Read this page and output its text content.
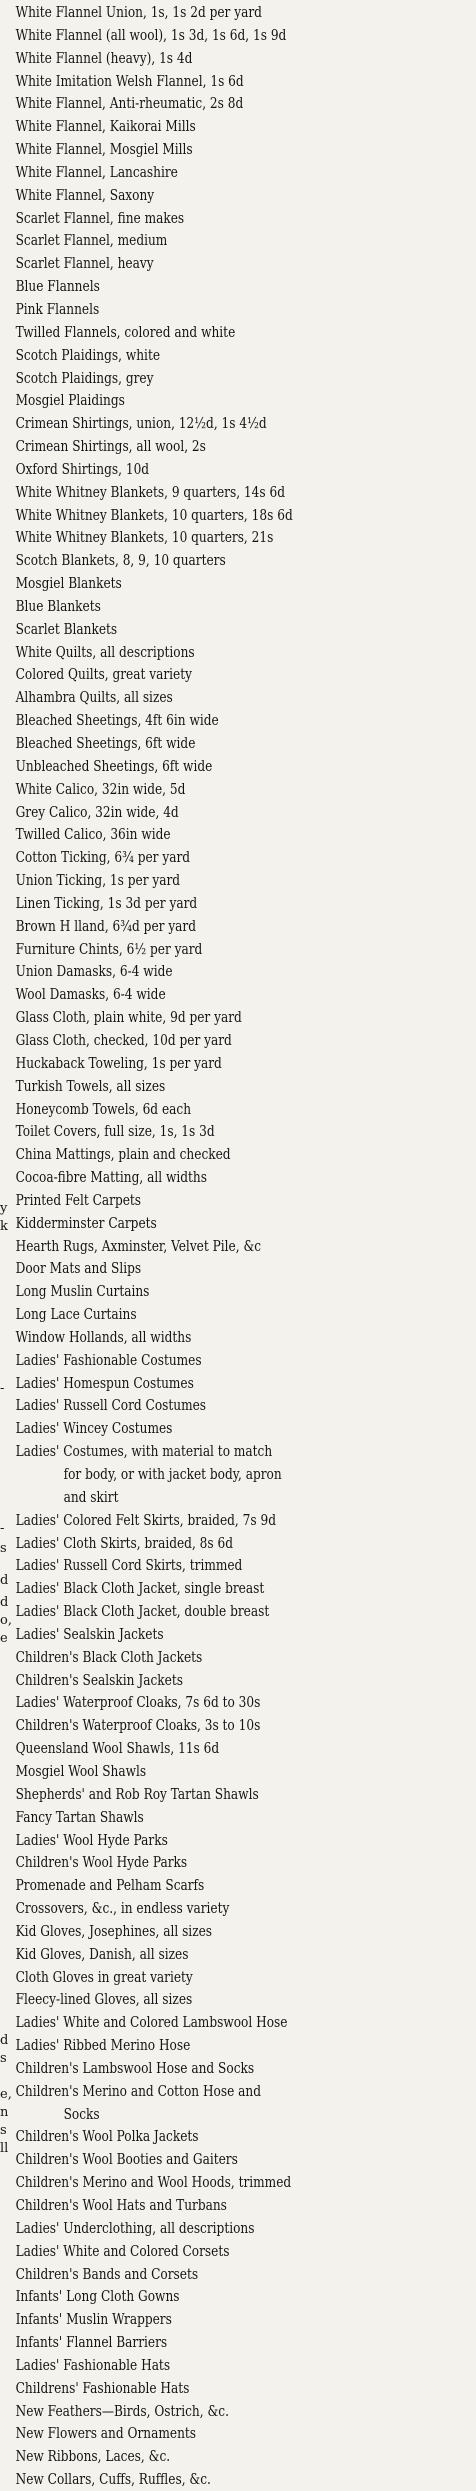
y
k
-
-
s
d
d
o,
e
d
s
e,
n
s
ll
White Flannel Union, 1s, 1s 2d per yard
White Flannel (all wool), 1s 3d, 1s 6d, 1s 9d
White Flannel (heavy), 1s 4d
White Imitation Welsh Flannel, 1s 6d
White Flannel, Anti-rheumatic, 2s 8d
White Flannel, Kaikorai Mills
White Flannel, Mosgiel Mills
White Flannel, Lancashire
White Flannel, Saxony
Scarlet Flannel, fine makes
Scarlet Flannel, medium
Scarlet Flannel, heavy
Blue Flannels
Pink Flannels
Twilled Flannels, colored and white
Scotch Plaidings, white
Scotch Plaidings, grey
Mosgiel Plaidings
Crimean Shirtings, union, 12½d, 1s 4½d
Crimean Shirtings, all wool, 2s
Oxford Shirtings, 10d
White Whitney Blankets, 9 quarters, 14s 6d
White Whitney Blankets, 10 quarters, 18s 6d
White Whitney Blankets, 10 quarters, 21s
Scotch Blankets, 8, 9, 10 quarters
Mosgiel Blankets
Blue Blankets
Scarlet Blankets
White Quilts, all descriptions
Colored Quilts, great variety
Alhambra Quilts, all sizes
Bleached Sheetings, 4ft 6in wide
Bleached Sheetings, 6ft wide
Unbleached Sheetings, 6ft wide
White Calico, 32in wide, 5d
Grey Calico, 32in wide, 4d
Twilled Calico, 36in wide
Cotton Ticking, 6¾ per yard
Union Ticking, 1s per yard
Linen Ticking, 1s 3d per yard
Brown H lland, 6¾d per yard
Furniture Chints, 6½ per yard
Union Damasks, 6-4 wide
Wool Damasks, 6-4 wide
Glass Cloth, plain white, 9d per yard
Glass Cloth, checked, 10d per yard
Huckaback Toweling, 1s per yard
Turkish Towels, all sizes
Honeycomb Towels, 6d each
Toilet Covers, full size, 1s, 1s 3d
China Mattings, plain and checked
Cocoa-fibre Matting, all widths
Printed Felt Carpets
Kidderminster Carpets
Hearth Rugs, Axminster, Velvet Pile, &c
Door Mats and Slips
Long Muslin Curtains
Long Lace Curtains
Window Hollands, all widths
Ladies' Fashionable Costumes
Ladies' Homespun Costumes
Ladies' Russell Cord Costumes
Ladies' Wincey Costumes
Ladies' Costumes, with material to match
for body, or with jacket body, apron
and skirt
Ladies' Colored Felt Skirts, braided, 7s 9d
Ladies' Cloth Skirts, braided, 8s 6d
Ladies' Russell Cord Skirts, trimmed
Ladies' Black Cloth Jacket, single breast
Ladies' Black Cloth Jacket, double breast
Ladies' Sealskin Jackets
Children's Black Cloth Jackets
Children's Sealskin Jackets
Ladies' Waterproof Cloaks, 7s 6d to 30s
Children's Waterproof Cloaks, 3s to 10s
Queensland Wool Shawls, 11s 6d
Mosgiel Wool Shawls
Shepherds' and Rob Roy Tartan Shawls
Fancy Tartan Shawls
Ladies' Wool Hyde Parks
Children's Wool Hyde Parks
Promenade and Pelham Scarfs
Crossovers, &c., in endless variety
Kid Gloves, Josephines, all sizes
Kid Gloves, Danish, all sizes
Cloth Gloves in great variety
Fleecy-lined Gloves, all sizes
Ladies' White and Colored Lambswool Hose
Ladies' Ribbed Merino Hose
Children's Lambswool Hose and Socks
Children's Merino and Cotton Hose and
Socks
Children's Wool Polka Jackets
Children's Wool Booties and Gaiters
Children's Merino and Wool Hoods, trimmed
Children's Wool Hats and Turbans
Ladies' Underclothing, all descriptions
Ladies' White and Colored Corsets
Children's Bands and Corsets
Infants' Long Cloth Gowns
Infants' Muslin Wrappers
Infants' Flannel Barriers
Ladies' Fashionable Hats
Childrens' Fashionable Hats
New Feathers—Birds, Ostrich, &c.
New Flowers and Ornaments
New Ribbons, Laces, &c.
New Collars, Cuffs, Ruffles, &c.
